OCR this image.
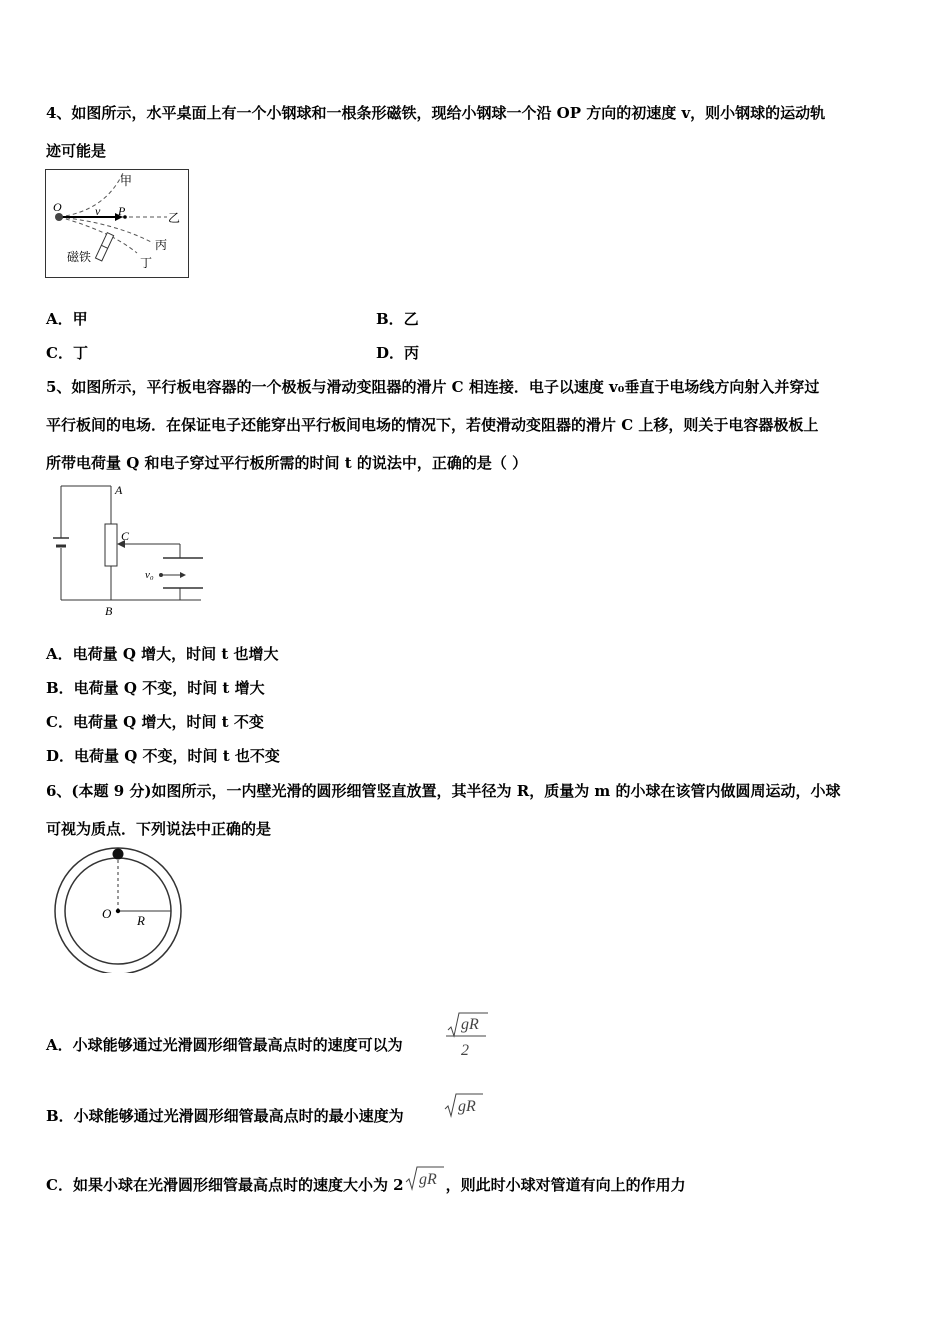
4、如图所示，水平桌面上有一个小钢球和一根条形磁铁，现给小钢球一个沿 OP 方向的初速度 v，则小钢球的运动轨
迹可能是
O	v P
甲
乙
丙
丁
磁铁
A．甲	B．乙
C．丁	D．丙
5、如图所示，平行板电容器的一个极板与滑动变阻器的滑片 C 相连接．电子以速度 v₀垂直于电场线方向射入并穿过
平行板间的电场．在保证电子还能穿出平行板间电场的情况下，若使滑动变阻器的滑片 C 上移，则关于电容器极板上
所带电荷量 Q 和电子穿过平行板所需的时间 t 的说法中，正确的是（ ）
A
C
B
v₀
A．电荷量 Q 增大，时间 t 也增大
B．电荷量 Q 不变，时间 t 增大
C．电荷量 Q 增大，时间 t 不变
D．电荷量 Q 不变，时间 t 也不变
6、(本题 9 分)如图所示，一内壁光滑的圆形细管竖直放置，其半径为 R，质量为 m 的小球在该管内做圆周运动，小球
可视为质点．下列说法中正确的是
O R
A．小球能够通过光滑圆形细管最高点时的速度可以为
gR
2
B．小球能够通过光滑圆形细管最高点时的最小速度为
gR
C．如果小球在光滑圆形细管最高点时的速度大小为 2 gR ，则此时小球对管道有向上的作用力
